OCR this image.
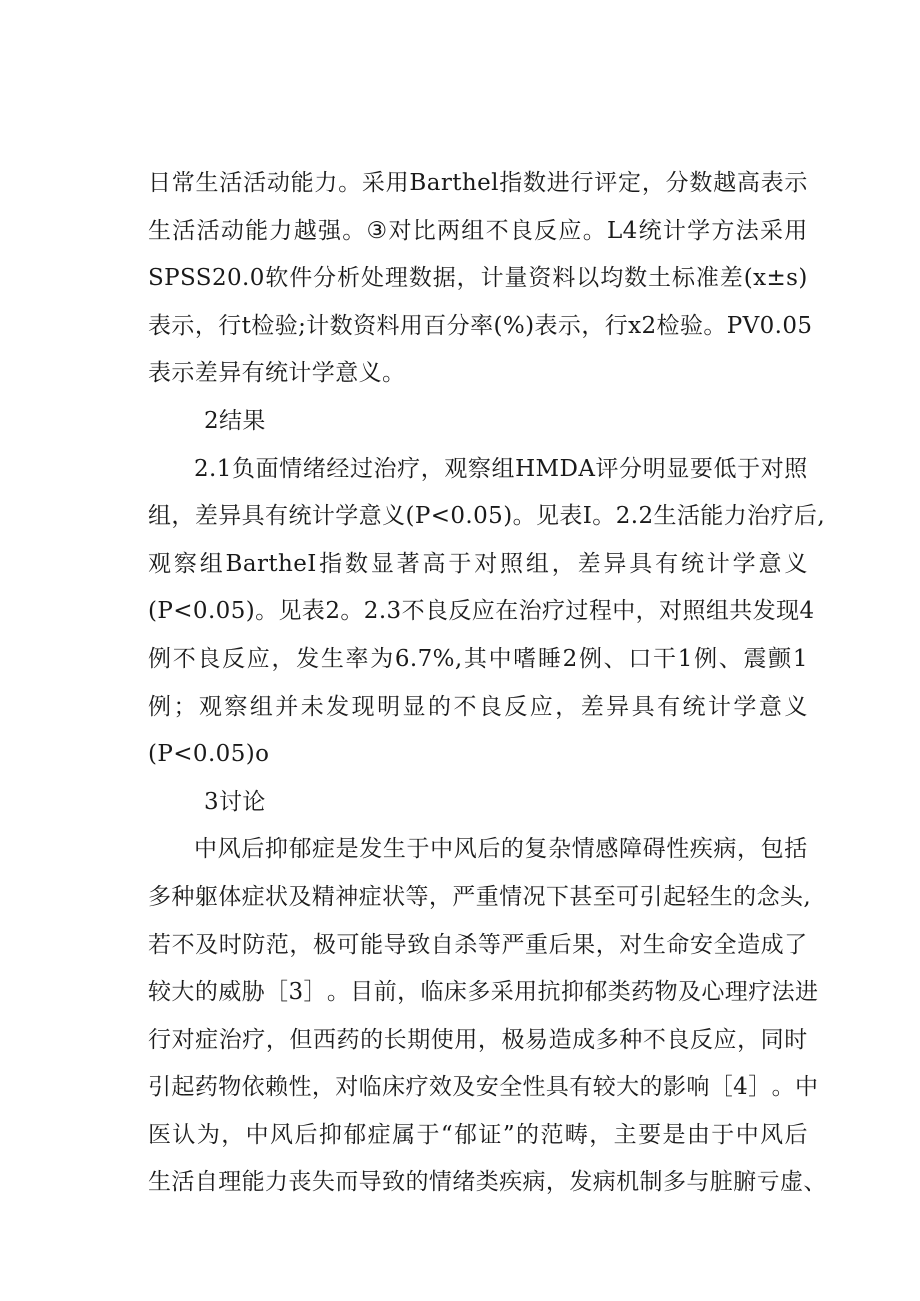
日 常 生 活 活 动 能 力 。 采 用 Barthel 指 数 进 行 评 定 ， 分 数 越 高 表 示
生 活 活 动 能 力 越 强 。 ③ 对 比 两 组 不 良 反 应 。 L4 统 计 学 方 法 采 用
SPSS20.0 软 件 分 析 处 理 数 据 ， 计 量 资 料 以 均 数 土 标 准 差 (x±s)
表 示 ， 行 t 检 验 ; 计 数 资 料 用 百 分 率 (%) 表 示 ， 行 x2 检 验 。 PV0.05
表示差异有统计学意义。
2结果
2.1 负 面 情 绪 经 过 治 疗 ， 观 察 组 HMDA 评 分 明 显 要 低 于 对 照
组 ， 差 异 具 有 统 计 学 意 义 (P<0.05) 。 见 表 I 。 2.2 生 活 能 力 治 疗 后 ,
观 察 组 BartheI 指 数 显 著 高 于 对 照 组 ， 差 异 具 有 统 计 学 意 义
(P<0.05) 。 见 表 2 。 2.3 不 良 反 应 在 治 疗 过 程 中 ， 对 照 组 共 发 现 4
例 不 良 反 应 ， 发 生 率 为 6.7%, 其 中 嗜 睡 2 例 、 口 干 1 例 、 震 颤 1
例 ； 观 察 组 并 未 发 现 明 显 的 不 良 反 应 ， 差 异 具 有 统 计 学 意 义
(P<0.05)o
3讨论
中 风 后 抑 郁 症 是 发 生 于 中 风 后 的 复 杂 情 感 障 碍 性 疾 病 ， 包 括
多 种 躯 体 症 状 及 精 神 症 状 等 ， 严 重 情 况 下 甚 至 可 引 起 轻 生 的 念 头 ,
若 不 及 时 防 范 ， 极 可 能 导 致 自 杀 等 严 重 后 果 ， 对 生 命 安 全 造 成 了
较 大 的 威 胁 ［ 3 ］ 。 目 前 ， 临 床 多 采 用 抗 抑 郁 类 药 物 及 心 理 疗 法 进
行 对 症 治 疗 ， 但 西 药 的 长 期 使 用 ， 极 易 造 成 多 种 不 良 反 应 ， 同 时
引 起 药 物 依 赖 性 ， 对 临 床 疗 效 及 安 全 性 具 有 较 大 的 影 响 ［ 4 ］ 。 中
医 认 为 ， 中 风 后 抑 郁 症 属 于 “ 郁 证 ” 的 范 畴 ， 主 要 是 由 于 中 风 后
生 活 自 理 能 力 丧 失 而 导 致 的 情 绪 类 疾 病 ， 发 病 机 制 多 与 脏 腑 亏 虚 、
